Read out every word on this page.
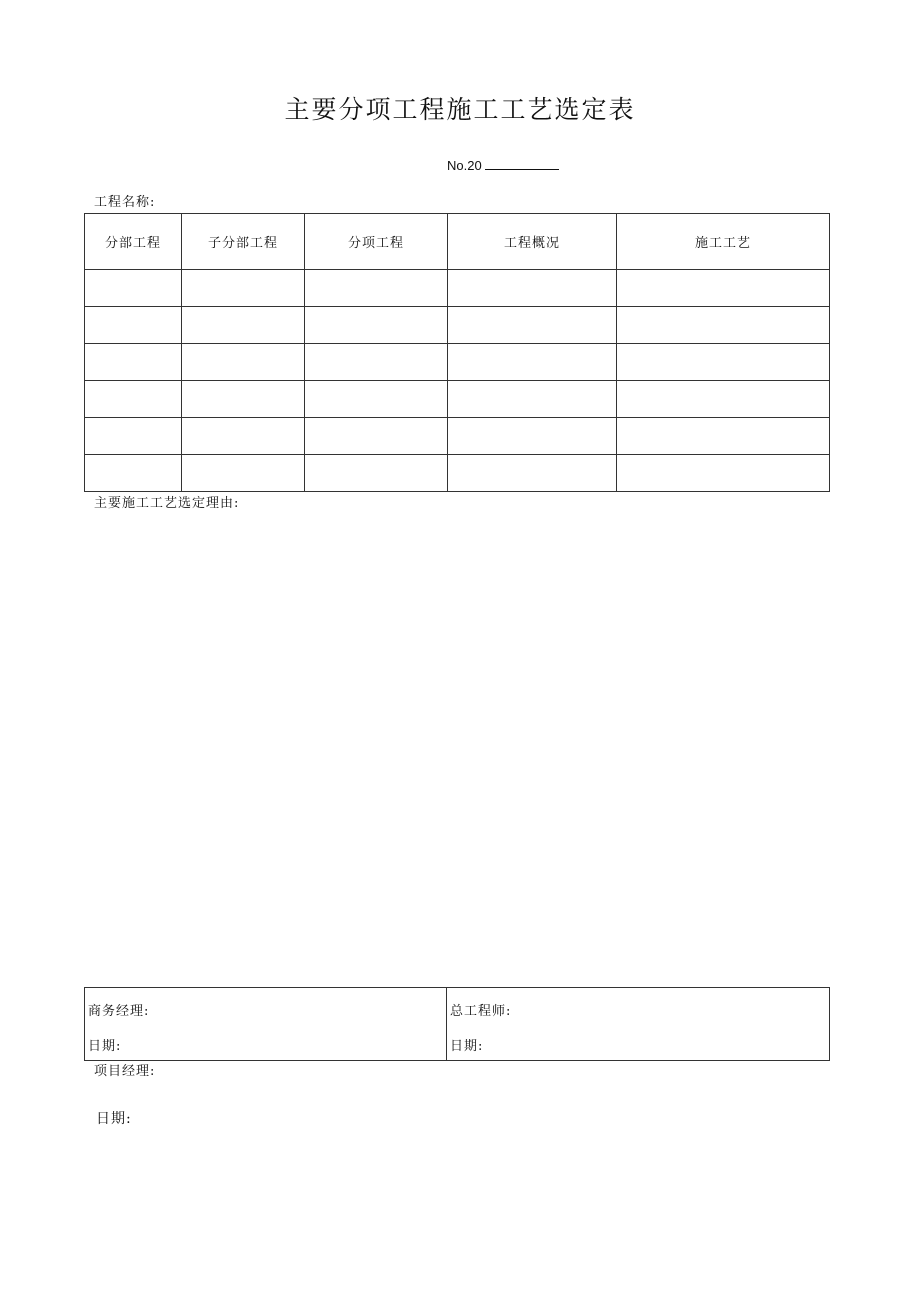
主要分项工程施工工艺选定表
No.20
工程名称:
分部工程	子分部工程	分项工程	工程概况	施工工艺

主要施工工艺选定理由:
商务经理:
日期:

总工程师:
日期:
项目经理:
日期:
